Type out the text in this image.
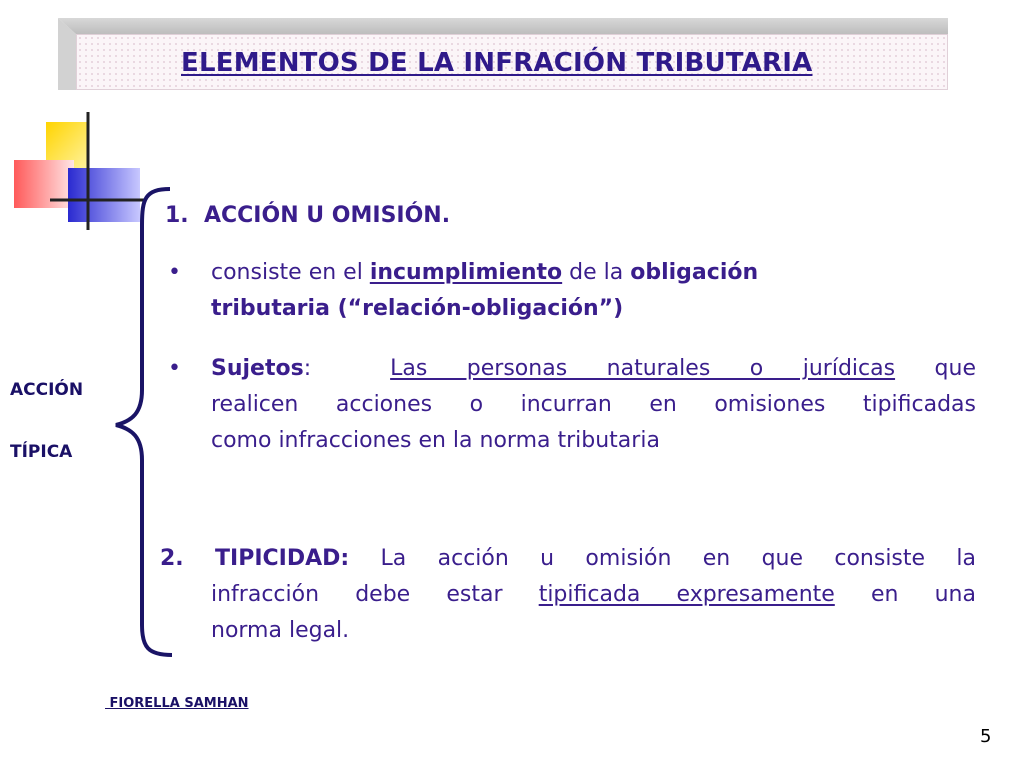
ELEMENTOS DE LA INFRACIÓN TRIBUTARIA
ACCIÓN
TÍPICA
1.  ACCIÓN U OMISIÓN.
• consiste en el incumplimiento de la obligación
tributaria (“relación-obligación”)
• Sujetos:  Las personas naturales o jurídicas que
realicen acciones o incurran en omisiones tipificadas
como infracciones en la norma tributaria
2. TIPICIDAD: La acción u omisión en que consiste la
infracción debe estar tipificada expresamente en una
norma legal.
FIORELLA SAMHAN
5
